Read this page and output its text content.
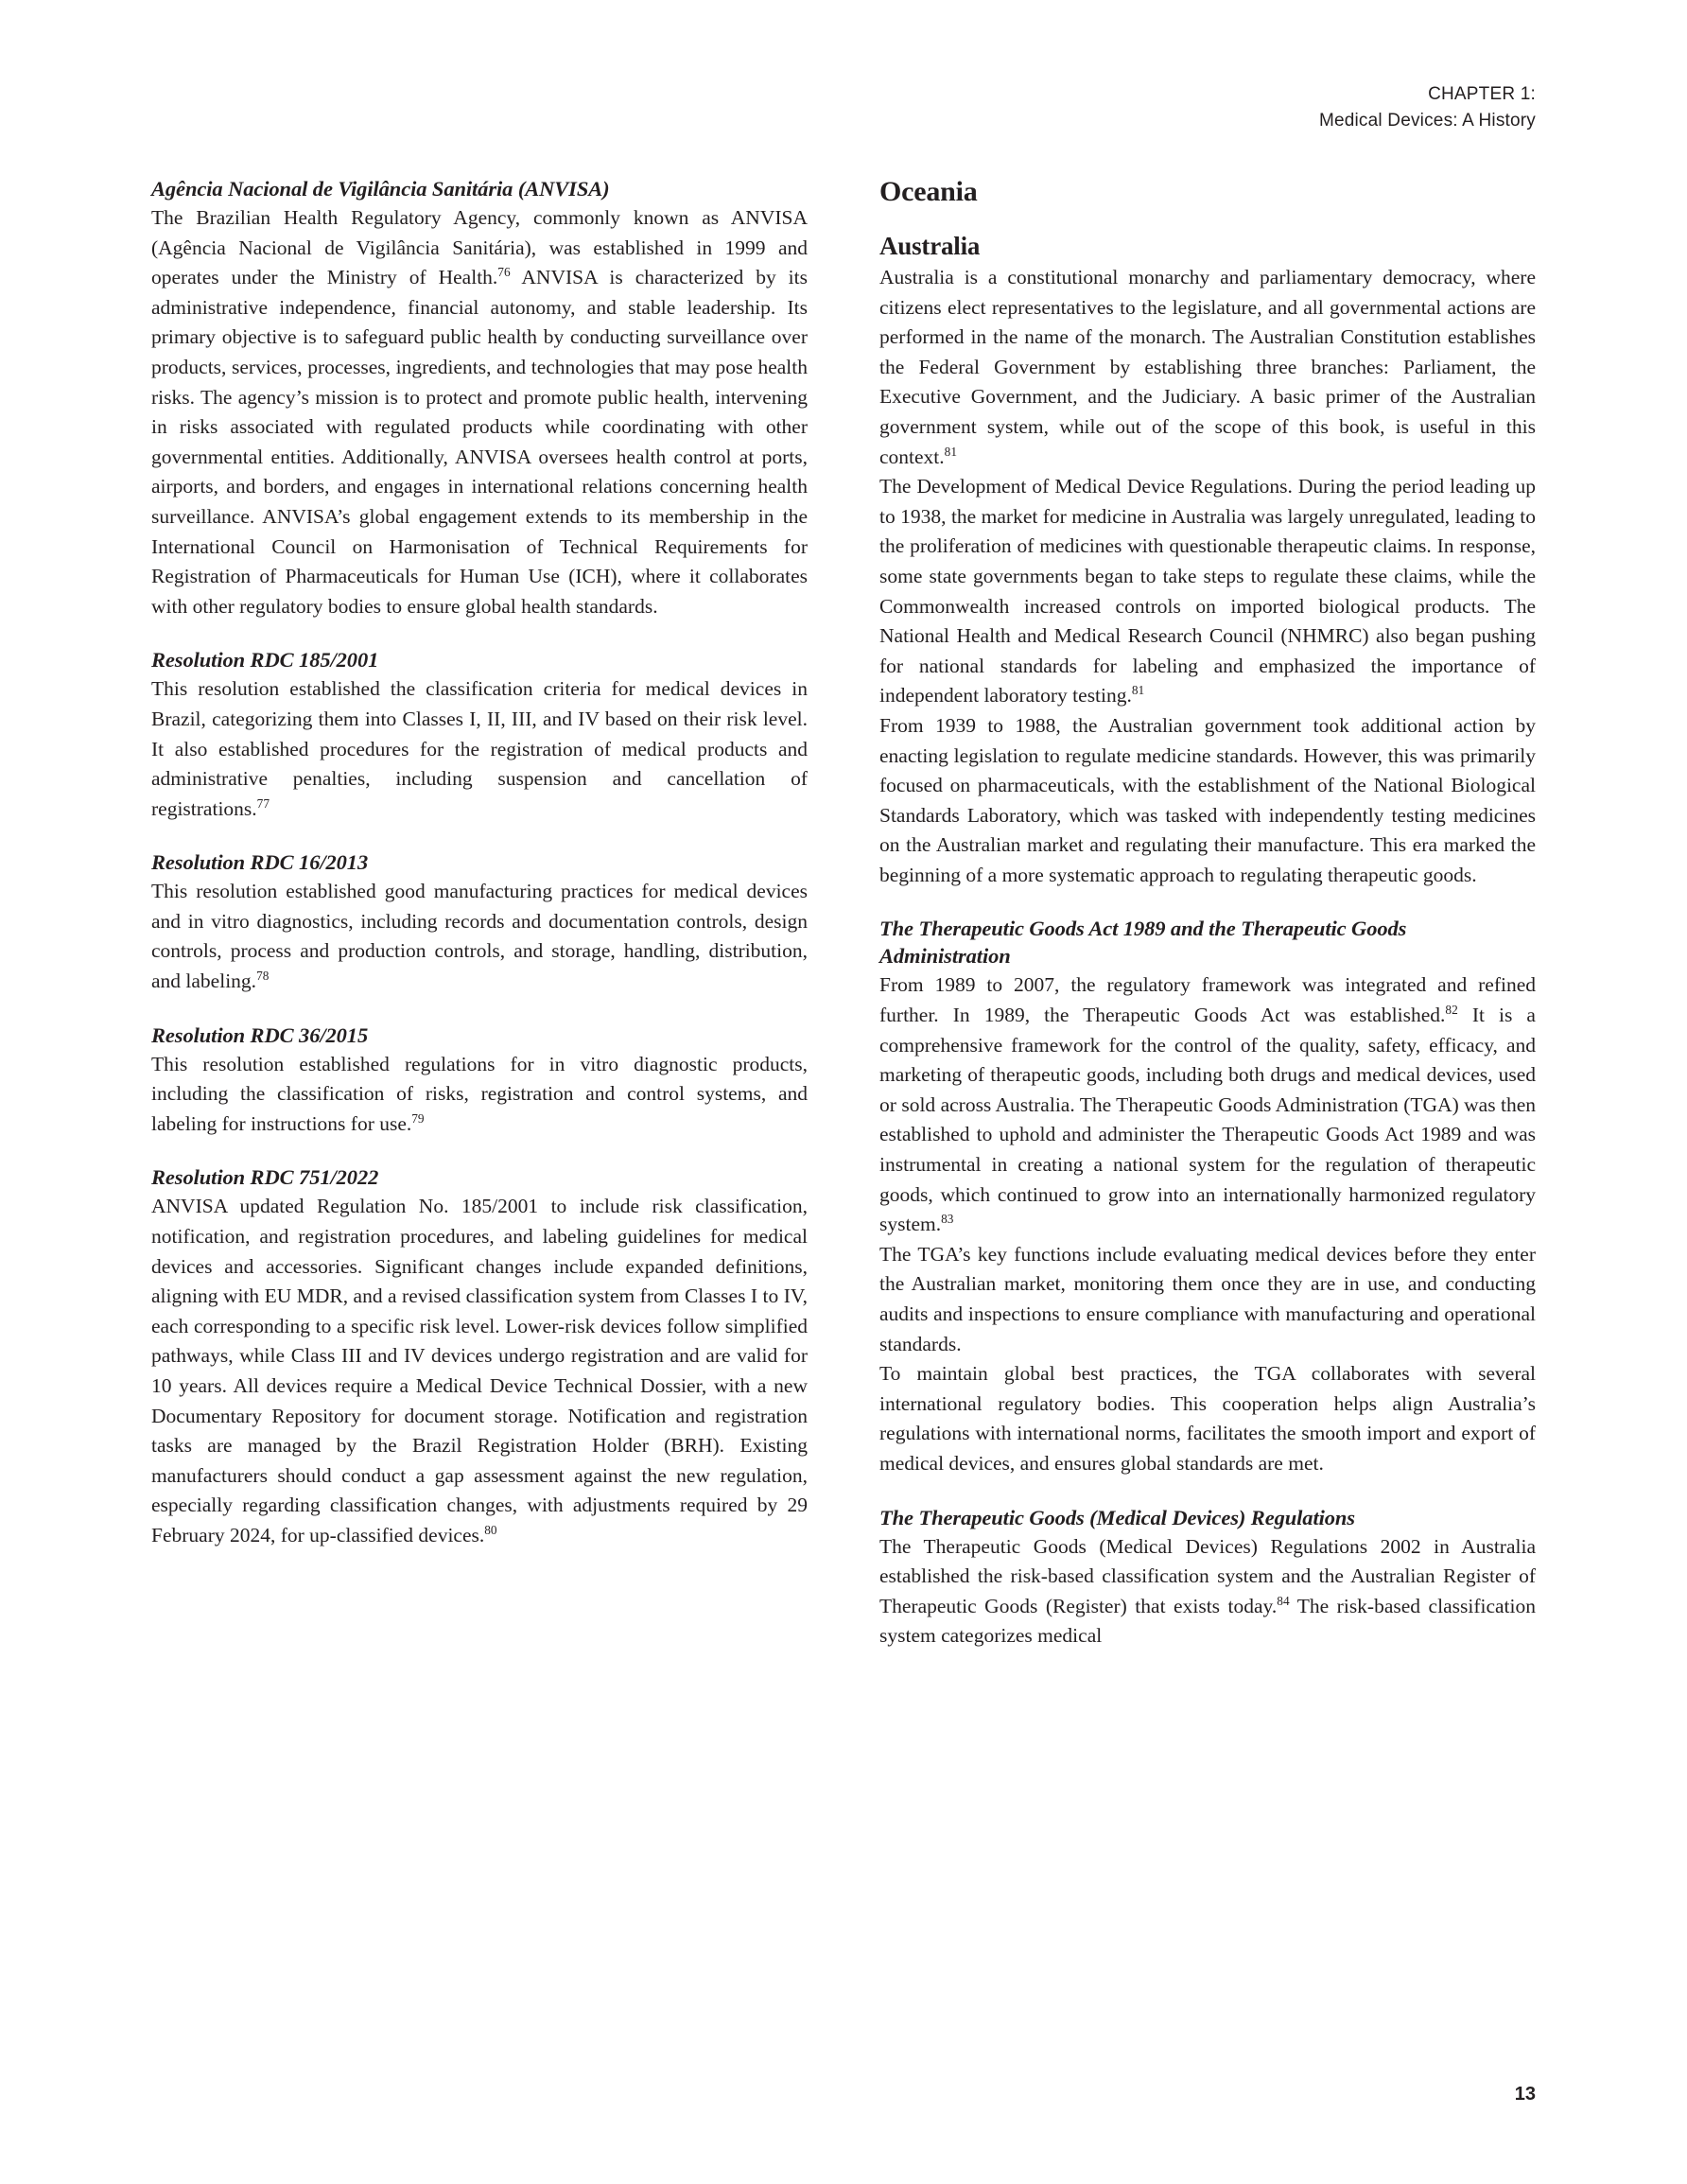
CHAPTER 1:
Medical Devices: A History
Agência Nacional de Vigilância Sanitária (ANVISA)

The Brazilian Health Regulatory Agency, commonly known as ANVISA (Agência Nacional de Vigilância Sanitária), was established in 1999 and operates under the Ministry of Health.$^{76}$ ANVISA is characterized by its administrative independence, financial autonomy, and stable leadership. Its primary objective is to safeguard public health by conducting surveillance over products, services, processes, ingredients, and technologies that may pose health risks. The agency’s mission is to protect and promote public health, intervening in risks associated with regulated products while coordinating with other governmental entities. Additionally, ANVISA oversees health control at ports, airports, and borders, and engages in international relations concerning health surveillance. ANVISA’s global engagement extends to its membership in the International Council on Harmonisation of Technical Requirements for Registration of Pharmaceuticals for Human Use (ICH), where it collaborates with other regulatory bodies to ensure global health standards.

Resolution RDC 185/2001

This resolution established the classification criteria for medical devices in Brazil, categorizing them into Classes I, II, III, and IV based on their risk level. It also established procedures for the registration of medical products and administrative penalties, including suspension and cancellation of registrations.$^{77}$

Resolution RDC 16/2013

This resolution established good manufacturing practices for medical devices and in vitro diagnostics, including records and documentation controls, design controls, process and production controls, and storage, handling, distribution, and labeling.$^{78}$

Resolution RDC 36/2015

This resolution established regulations for in vitro diagnostic products, including the classification of risks, registration and control systems, and labeling for instructions for use.$^{79}$

Resolution RDC 751/2022

ANVISA updated Regulation No. 185/2001 to include risk classification, notification, and registration procedures, and labeling guidelines for medical devices and accessories. Significant changes include expanded definitions, aligning with EU MDR, and a revised classification system from Classes I to IV, each corresponding to a specific risk level. Lower-risk devices follow simplified pathways, while Class III and IV devices undergo registration and are valid for 10 years. All devices require a Medical Device Technical Dossier, with a new Documentary Repository for document storage. Notification and registration tasks are managed by the Brazil Registration Holder (BRH). Existing manufacturers should conduct a gap assessment against the new regulation, especially regarding classification changes, with adjustments required by 29 February 2024, for up-classified devices.$^{80}$

Oceania
Australia

Australia is a constitutional monarchy and parliamentary democracy, where citizens elect representatives to the legislature, and all governmental actions are performed in the name of the monarch. The Australian Constitution establishes the Federal Government by establishing three branches: Parliament, the Executive Government, and the Judiciary. A basic primer of the Australian government system, while out of the scope of this book, is useful in this context.$^{81}$

The Development of Medical Device Regulations. During the period leading up to 1938, the market for medicine in Australia was largely unregulated, leading to the proliferation of medicines with questionable therapeutic claims. In response, some state governments began to take steps to regulate these claims, while the Commonwealth increased controls on imported biological products. The National Health and Medical Research Council (NHMRC) also began pushing for national standards for labeling and emphasized the importance of independent laboratory testing.$^{81}$

From 1939 to 1988, the Australian government took additional action by enacting legislation to regulate medicine standards. However, this was primarily focused on pharmaceuticals, with the establishment of the National Biological Standards Laboratory, which was tasked with independently testing medicines on the Australian market and regulating their manufacture. This era marked the beginning of a more systematic approach to regulating therapeutic goods.

The Therapeutic Goods Act 1989 and the Therapeutic Goods Administration

From 1989 to 2007, the regulatory framework was integrated and refined further. In 1989, the Therapeutic Goods Act was established.$^{82}$ It is a comprehensive framework for the control of the quality, safety, efficacy, and marketing of therapeutic goods, including both drugs and medical devices, used or sold across Australia. The Therapeutic Goods Administration (TGA) was then established to uphold and administer the Therapeutic Goods Act 1989 and was instrumental in creating a national system for the regulation of therapeutic goods, which continued to grow into an internationally harmonized regulatory system.$^{83}$

The TGA’s key functions include evaluating medical devices before they enter the Australian market, monitoring them once they are in use, and conducting audits and inspections to ensure compliance with manufacturing and operational standards.

To maintain global best practices, the TGA collaborates with several international regulatory bodies. This cooperation helps align Australia’s regulations with international norms, facilitates the smooth import and export of medical devices, and ensures global standards are met.

The Therapeutic Goods (Medical Devices) Regulations

The Therapeutic Goods (Medical Devices) Regulations 2002 in Australia established the risk-based classification system and the Australian Register of Therapeutic Goods (Register) that exists today.$^{84}$ The risk-based classification system categorizes medical

13
